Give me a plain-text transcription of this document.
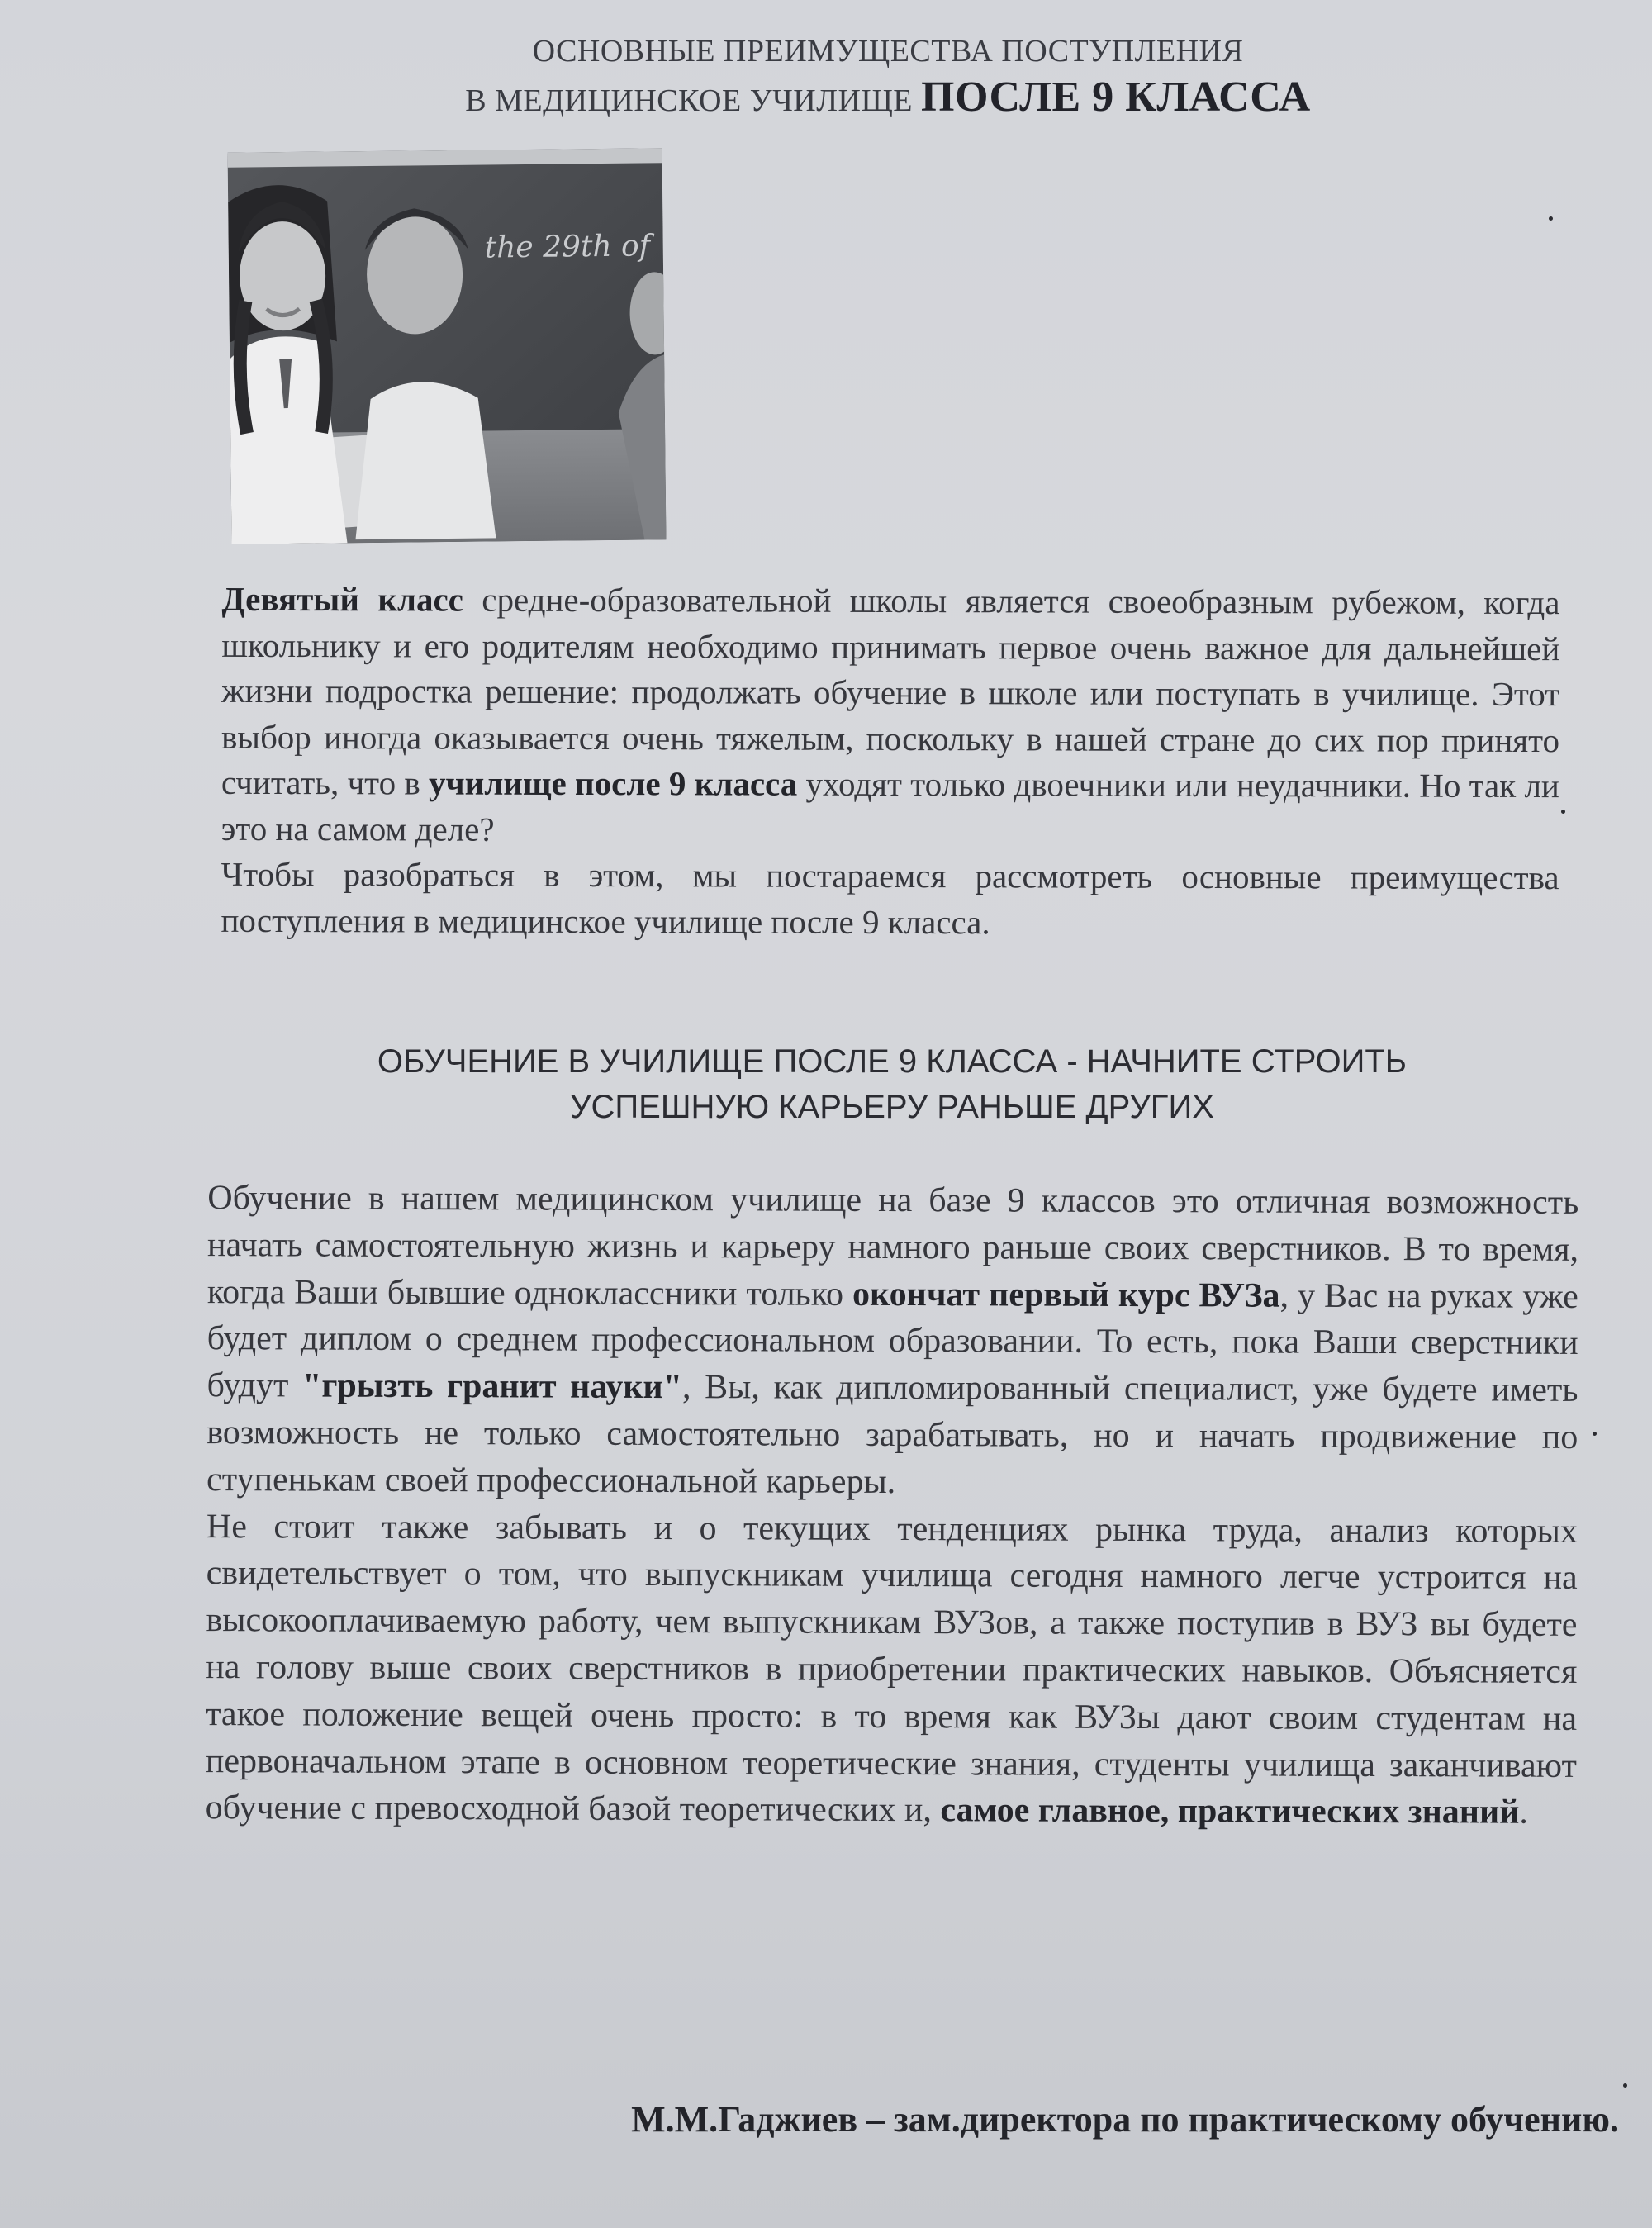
ОСНОВНЫЕ ПРЕИМУЩЕСТВА ПОСТУПЛЕНИЯ
В МЕДИЦИНСКОЕ УЧИЛИЩЕ ПОСЛЕ 9 КЛАССА
the 29th of

Девятый класс средне-образовательной школы является своеобразным рубежом, когда школьнику и его родителям необходимо принимать первое очень важное для дальнейшей жизни подростка решение: продолжать обучение в школе или поступать в училище. Этот выбор иногда оказывается очень тяжелым, поскольку в нашей стране до сих пор принято считать, что в училище после 9 класса уходят только двоечники или неудачники. Но так ли это на самом деле?

Чтобы разобраться в этом, мы постараемся рассмотреть основные преимущества поступления в медицинское училище после 9 класса.

ОБУЧЕНИЕ В УЧИЛИЩЕ ПОСЛЕ 9 КЛАССА - НАЧНИТЕ СТРОИТЬ
УСПЕШНУЮ КАРЬЕРУ РАНЬШЕ ДРУГИХ

Обучение в нашем медицинском училище на базе 9 классов это отличная возможность начать самостоятельную жизнь и карьеру намного раньше своих сверстников. В то время, когда Ваши бывшие одноклассники только окончат первый курс ВУЗа, у Вас на руках уже будет диплом о среднем профессиональном образовании. То есть, пока Ваши сверстники будут "грызть гранит науки", Вы, как дипломированный специалист, уже будете иметь возможность не только самостоятельно зарабатывать, но и начать продвижение по ступенькам своей профессиональной карьеры.

Не стоит также забывать и о текущих тенденциях рынка труда, анализ которых свидетельствует о том, что выпускникам училища сегодня намного легче устроится на высокооплачиваемую работу, чем выпускникам ВУЗов, а также поступив в ВУЗ вы будете на голову выше своих сверстников в приобретении практических навыков. Объясняется такое положение вещей очень просто: в то время как ВУЗы дают своим студентам на первоначальном этапе в основном теоретические знания, студенты училища заканчивают обучение с превосходной базой теоретических и, самое главное, практических знаний.

М.М.Гаджиев – зам.директора по практическому обучению.
